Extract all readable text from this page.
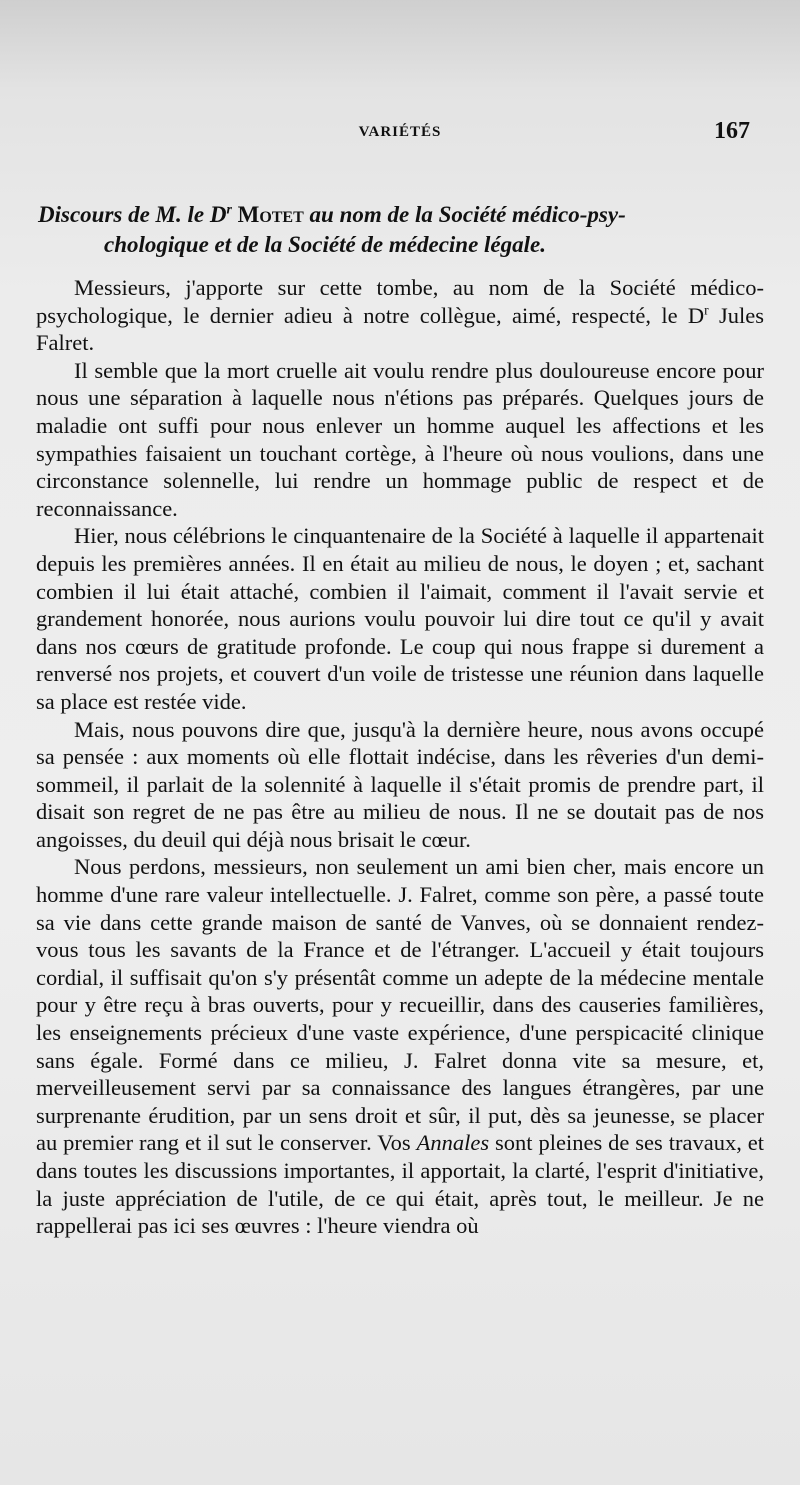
VARIÉTÉS	167
Discours de M. le $D^r$ Motet au nom de la Société médico-psy-
chologique et de la Société de médecine légale.

Messieurs, j'apporte sur cette tombe, au nom de la Société médico-psychologique, le dernier adieu à notre collègue, aimé, respecté, le $D^r$ Jules Falret.

Il semble que la mort cruelle ait voulu rendre plus douloureuse encore pour nous une séparation à laquelle nous n'étions pas préparés. Quelques jours de maladie ont suffi pour nous enlever un homme auquel les affections et les sympathies faisaient un touchant cortège, à l'heure où nous voulions, dans une circonstance solennelle, lui rendre un hommage public de respect et de reconnaissance.

Hier, nous célébrions le cinquantenaire de la Société à laquelle il appartenait depuis les premières années. Il en était au milieu de nous, le doyen ; et, sachant combien il lui était attaché, combien il l'aimait, comment il l'avait servie et grandement honorée, nous aurions voulu pouvoir lui dire tout ce qu'il y avait dans nos cœurs de gratitude profonde. Le coup qui nous frappe si durement a renversé nos projets, et couvert d'un voile de tristesse une réunion dans laquelle sa place est restée vide.

Mais, nous pouvons dire que, jusqu'à la dernière heure, nous avons occupé sa pensée : aux moments où elle flottait indécise, dans les rêveries d'un demi-sommeil, il parlait de la solennité à laquelle il s'était promis de prendre part, il disait son regret de ne pas être au milieu de nous. Il ne se doutait pas de nos angoisses, du deuil qui déjà nous brisait le cœur.

Nous perdons, messieurs, non seulement un ami bien cher, mais encore un homme d'une rare valeur intellectuelle. J. Falret, comme son père, a passé toute sa vie dans cette grande maison de santé de Vanves, où se donnaient rendez-vous tous les savants de la France et de l'étranger. L'accueil y était toujours cordial, il suffisait qu'on s'y présentât comme un adepte de la médecine mentale pour y être reçu à bras ouverts, pour y recueillir, dans des causeries familières, les enseignements précieux d'une vaste expérience, d'une perspicacité clinique sans égale. Formé dans ce milieu, J. Falret donna vite sa mesure, et, merveilleusement servi par sa connaissance des langues étrangères, par une surprenante érudition, par un sens droit et sûr, il put, dès sa jeunesse, se placer au premier rang et il sut le conserver. Vos Annales sont pleines de ses travaux, et dans toutes les discussions importantes, il apportait, la clarté, l'esprit d'initiative, la juste appréciation de l'utile, de ce qui était, après tout, le meilleur. Je ne rappellerai pas ici ses œuvres : l'heure viendra où
